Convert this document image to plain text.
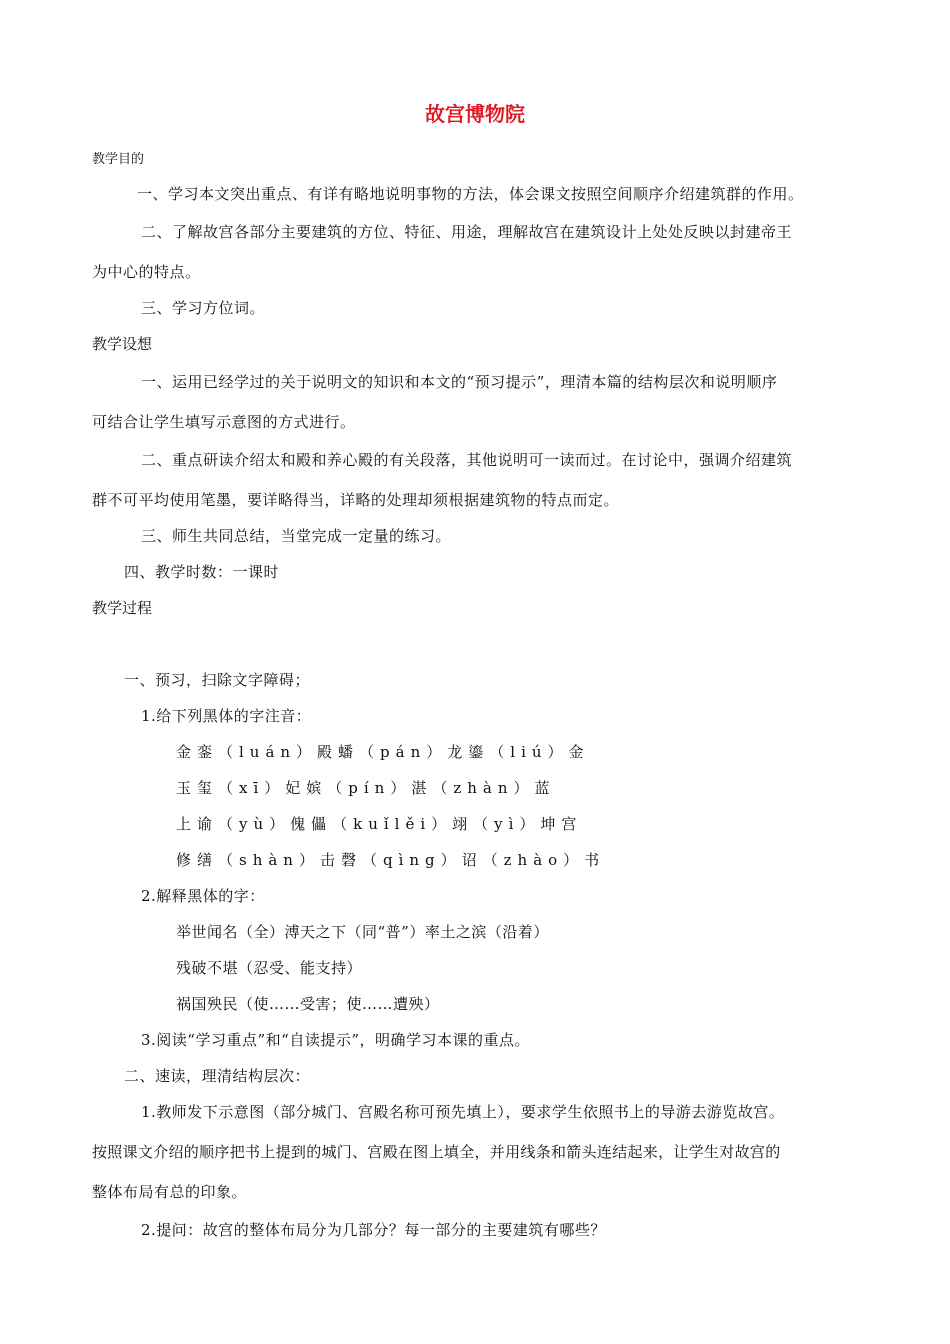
故宫博物院
教学目的
一、学习本文突出重点、有详有略地说明事物的方法，体会课文按照空间顺序介绍建筑群的作用。
二、了解故宫各部分主要建筑的方位、特征、用途，理解故宫在建筑设计上处处反映以封建帝王
为中心的特点。
三、学习方位词。
教学设想
一、运用已经学过的关于说明文的知识和本文的“预习提示”，理清本篇的结构层次和说明顺序
可结合让学生填写示意图的方式进行。
二、重点研读介绍太和殿和养心殿的有关段落，其他说明可一读而过。在讨论中，强调介绍建筑
群不可平均使用笔墨，要详略得当，详略的处理却须根据建筑物的特点而定。
三、师生共同总结，当堂完成一定量的练习。
四、教学时数：一课时
教学过程
一、预习，扫除文字障碍；
1.给下列黑体的字注音：
金銮（luán）殿蟠（pán）龙鎏（liú）金
玉玺（xī）妃嫔（pín）湛（zhàn）蓝
上谕（yù）傀儡（kuǐlěi）翊（yì）坤宫
修缮（shàn）击磬（qìng）诏（zhào）书
2.解释黑体的字：
举世闻名（全）溥天之下（同“普”）率土之滨（沿着）
残破不堪（忍受、能支持）
祸国殃民（使……受害；使……遭殃）
3.阅读“学习重点”和“自读提示”，明确学习本课的重点。
二、速读，理清结构层次：
1.教师发下示意图（部分城门、宫殿名称可预先填上），要求学生依照书上的导游去游览故宫。
按照课文介绍的顺序把书上提到的城门、宫殿在图上填全，并用线条和箭头连结起来，让学生对故宫的
整体布局有总的印象。
2.提问：故宫的整体布局分为几部分？每一部分的主要建筑有哪些？
